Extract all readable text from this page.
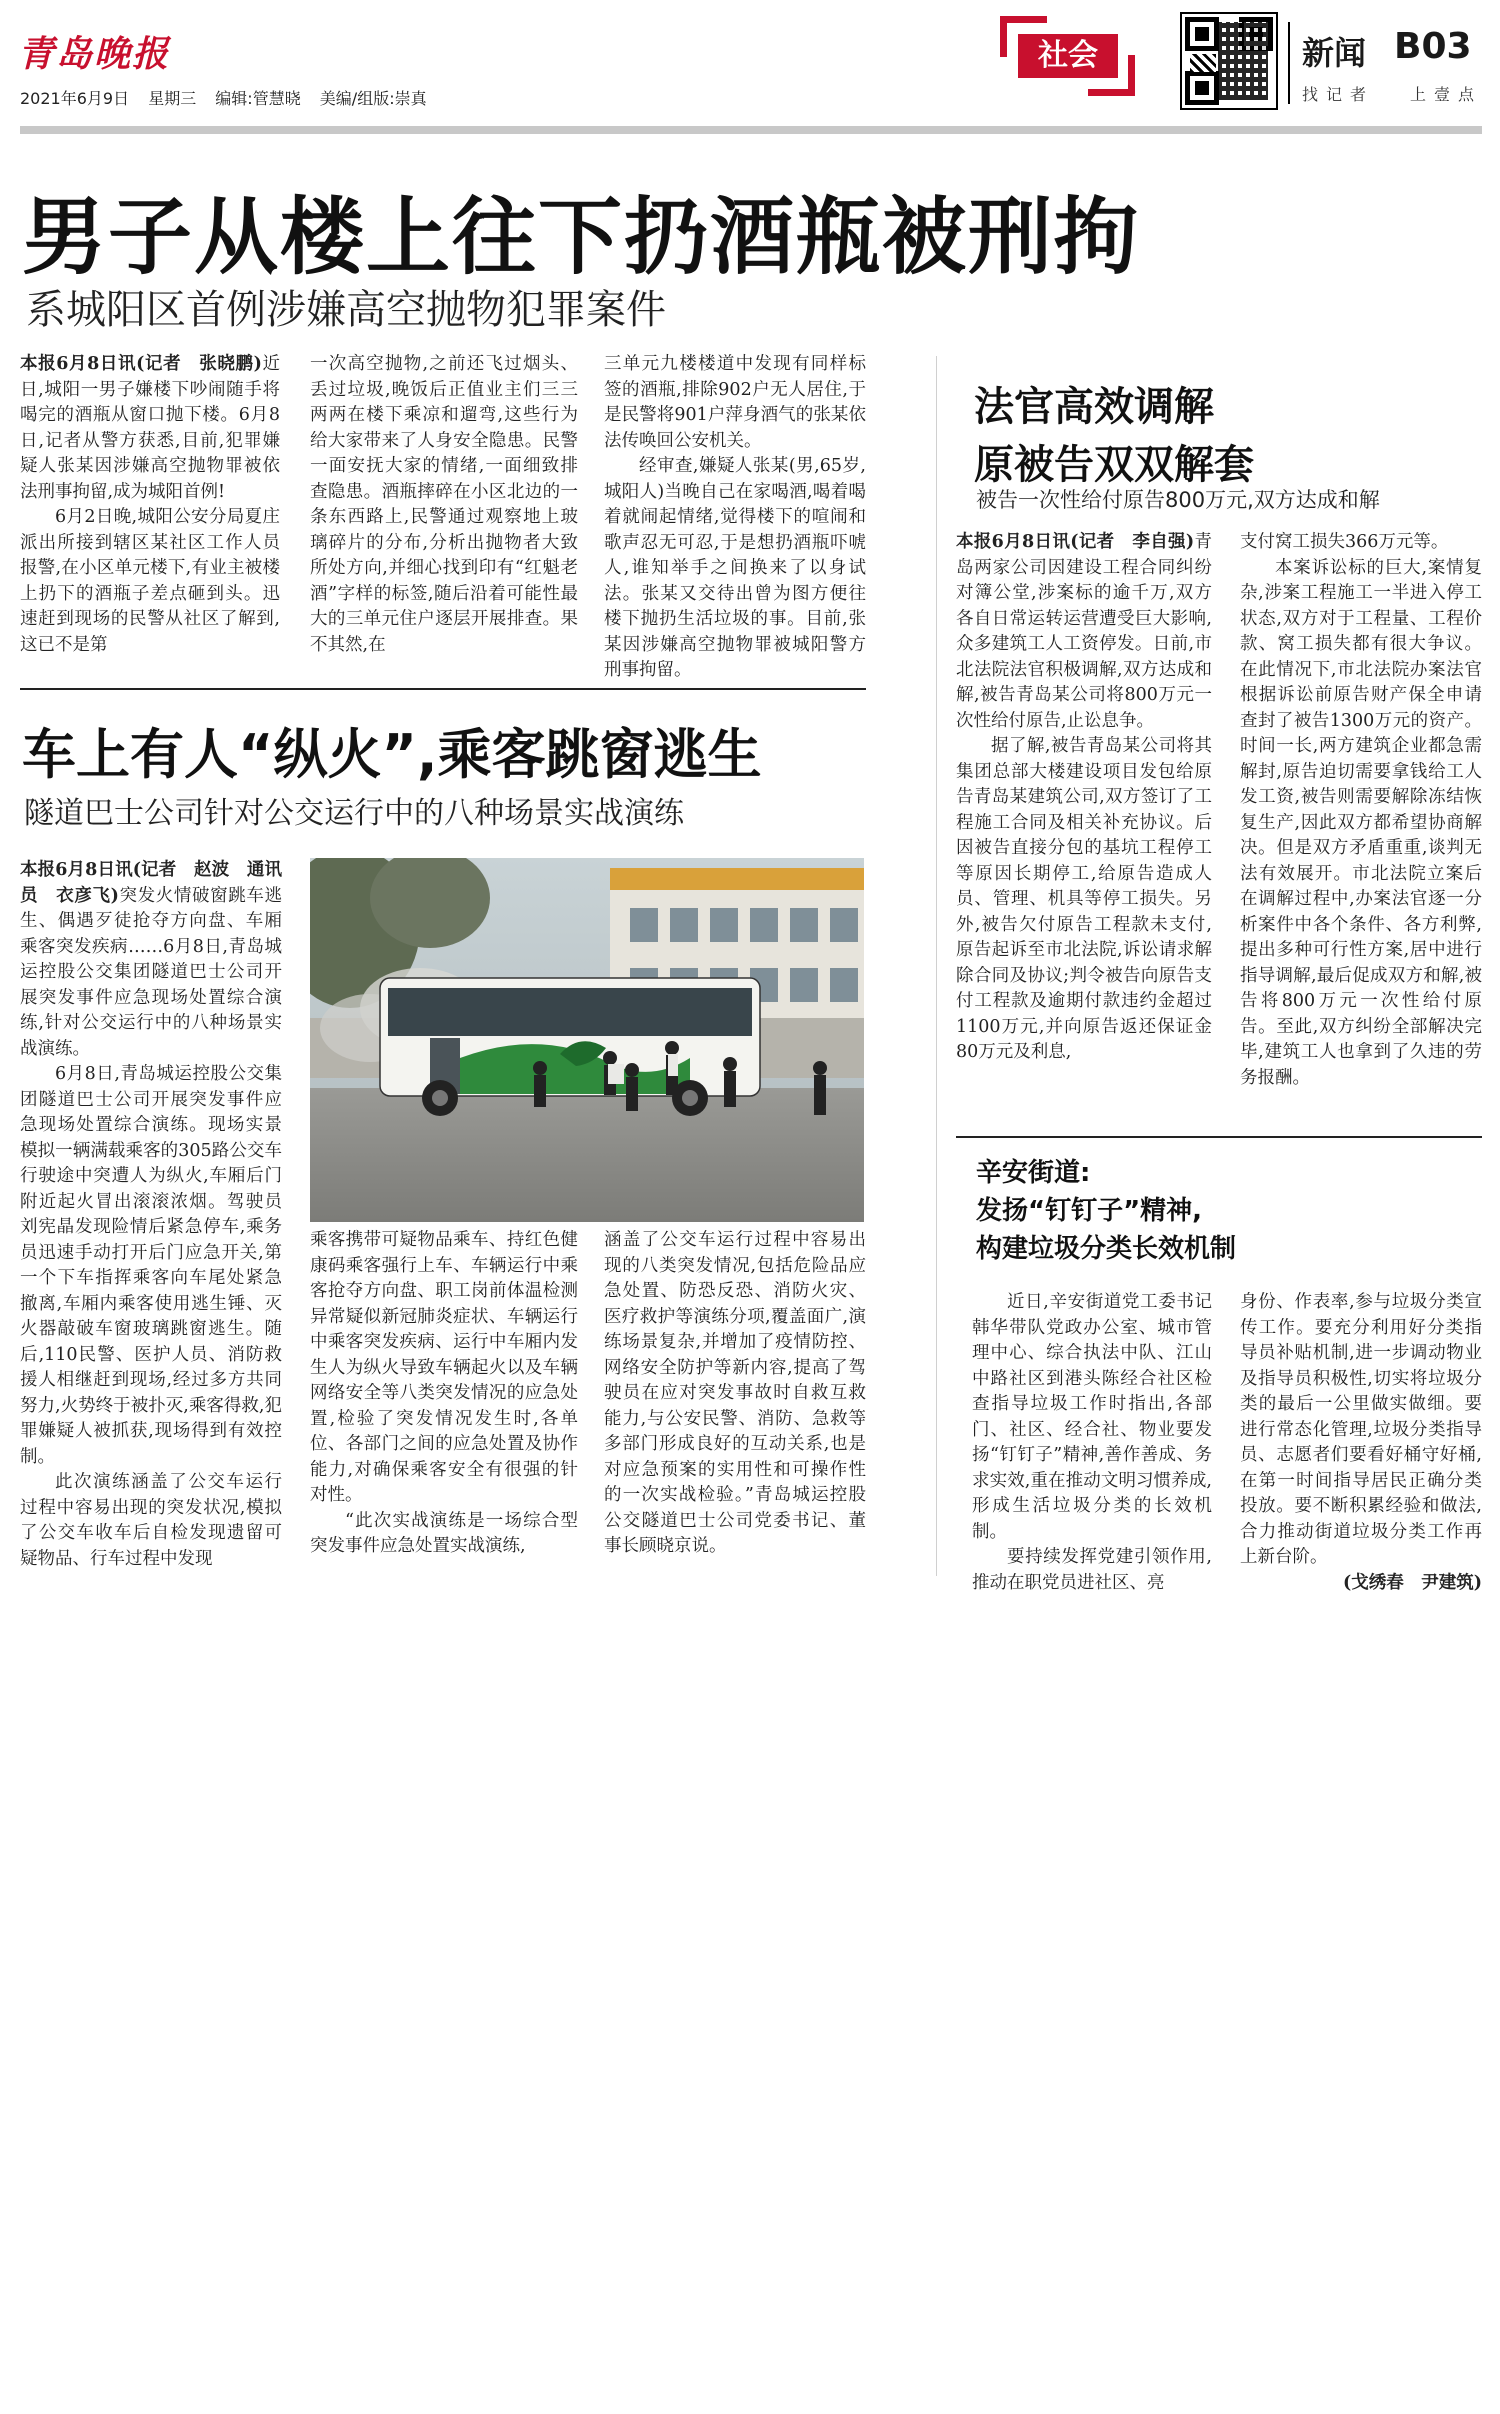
青岛晚报
2021年6月9日 星期三 编辑:管慧晓 美编/组版:崇真
社会	新闻 B03
找记者 上壹点
男子从楼上往下扔酒瓶被刑拘
系城阳区首例涉嫌高空抛物犯罪案件

本报6月8日讯(记者　张晓鹏)近日,城阳一男子嫌楼下吵闹随手将喝完的酒瓶从窗口抛下楼。6月8日,记者从警方获悉,目前,犯罪嫌疑人张某因涉嫌高空抛物罪被依法刑事拘留,成为城阳首例!

6月2日晚,城阳公安分局夏庄派出所接到辖区某社区工作人员报警,在小区单元楼下,有业主被楼上扔下的酒瓶子差点砸到头。迅速赶到现场的民警从社区了解到,这已不是第

一次高空抛物,之前还飞过烟头、丢过垃圾,晚饭后正值业主们三三两两在楼下乘凉和遛弯,这些行为给大家带来了人身安全隐患。民警一面安抚大家的情绪,一面细致排查隐患。酒瓶摔碎在小区北边的一条东西路上,民警通过观察地上玻璃碎片的分布,分析出抛物者大致所处方向,并细心找到印有“红魁老酒”字样的标签,随后沿着可能性最大的三单元住户逐层开展排查。果不其然,在

三单元九楼楼道中发现有同样标签的酒瓶,排除902户无人居住,于是民警将901户萍身酒气的张某依法传唤回公安机关。

经审查,嫌疑人张某(男,65岁,城阳人)当晚自己在家喝酒,喝着喝着就闹起情绪,觉得楼下的喧闹和歌声忍无可忍,于是想扔酒瓶吓唬人,谁知举手之间换来了以身试法。张某又交待出曾为图方便往楼下抛扔生活垃圾的事。目前,张某因涉嫌高空抛物罪被城阳警方刑事拘留。

法官高效调解
原被告双双解套
被告一次性给付原告800万元,双方达成和解

本报6月8日讯(记者　李自强)青岛两家公司因建设工程合同纠纷对簿公堂,涉案标的逾千万,双方各自日常运转运营遭受巨大影响,众多建筑工人工资停发。日前,市北法院法官积极调解,双方达成和解,被告青岛某公司将800万元一次性给付原告,止讼息争。

据了解,被告青岛某公司将其集团总部大楼建设项目发包给原告青岛某建筑公司,双方签订了工程施工合同及相关补充协议。后因被告直接分包的基坑工程停工等原因长期停工,给原告造成人员、管理、机具等停工损失。另外,被告欠付原告工程款未支付,原告起诉至市北法院,诉讼请求解除合同及协议;判令被告向原告支付工程款及逾期付款违约金超过1100万元,并向原告返还保证金80万元及利息,

支付窝工损失366万元等。

本案诉讼标的巨大,案情复杂,涉案工程施工一半进入停工状态,双方对于工程量、工程价款、窝工损失都有很大争议。在此情况下,市北法院办案法官根据诉讼前原告财产保全申请查封了被告1300万元的资产。时间一长,两方建筑企业都急需解封,原告迫切需要拿钱给工人发工资,被告则需要解除冻结恢复生产,因此双方都希望协商解决。但是双方矛盾重重,谈判无法有效展开。市北法院立案后在调解过程中,办案法官逐一分析案件中各个条件、各方利弊,提出多种可行性方案,居中进行指导调解,最后促成双方和解,被告将800万元一次性给付原告。至此,双方纠纷全部解决完毕,建筑工人也拿到了久违的劳务报酬。

辛安街道:
发扬“钉钉子”精神,
构建垃圾分类长效机制

近日,辛安街道党工委书记韩华带队党政办公室、城市管理中心、综合执法中队、江山中路社区到港头陈经合社区检查指导垃圾工作时指出,各部门、社区、经合社、物业要发扬“钉钉子”精神,善作善成、务求实效,重在推动文明习惯养成,形成生活垃圾分类的长效机制。

要持续发挥党建引领作用,推动在职党员进社区、亮

身份、作表率,参与垃圾分类宣传工作。要充分利用好分类指导员补贴机制,进一步调动物业及指导员积极性,切实将垃圾分类的最后一公里做实做细。要进行常态化管理,垃圾分类指导员、志愿者们要看好桶守好桶,在第一时间指导居民正确分类投放。要不断积累经验和做法,合力推动街道垃圾分类工作再上新台阶。

(戈绣春　尹建筑)
车上有人“纵火”,乘客跳窗逃生
隧道巴士公司针对公交运行中的八种场景实战演练

本报6月8日讯(记者　赵波　通讯员　衣彦飞)突发火情破窗跳车逃生、偶遇歹徒抢夺方向盘、车厢乘客突发疾病……6月8日,青岛城运控股公交集团隧道巴士公司开展突发事件应急现场处置综合演练,针对公交运行中的八种场景实战演练。

6月8日,青岛城运控股公交集团隧道巴士公司开展突发事件应急现场处置综合演练。现场实景模拟一辆满载乘客的305路公交车行驶途中突遭人为纵火,车厢后门附近起火冒出滚滚浓烟。驾驶员刘宪晶发现险情后紧急停车,乘务员迅速手动打开后门应急开关,第一个下车指挥乘客向车尾处紧急撤离,车厢内乘客使用逃生锤、灭火器敲破车窗玻璃跳窗逃生。随后,110民警、医护人员、消防救援人相继赶到现场,经过多方共同努力,火势终于被扑灭,乘客得救,犯罪嫌疑人被抓获,现场得到有效控制。

此次演练涵盖了公交车运行过程中容易出现的突发状况,模拟了公交车收车后自检发现遗留可疑物品、行车过程中发现

乘客携带可疑物品乘车、持红色健康码乘客强行上车、车辆运行中乘客抢夺方向盘、职工岗前体温检测异常疑似新冠肺炎症状、车辆运行中乘客突发疾病、运行中车厢内发生人为纵火导致车辆起火以及车辆网络安全等八类突发情况的应急处置,检验了突发情况发生时,各单位、各部门之间的应急处置及协作能力,对确保乘客安全有很强的针对性。

“此次实战演练是一场综合型突发事件应急处置实战演练,

涵盖了公交车运行过程中容易出现的八类突发情况,包括危险品应急处置、防恐反恐、消防火灾、医疗救护等演练分项,覆盖面广,演练场景复杂,并增加了疫情防控、网络安全防护等新内容,提高了驾驶员在应对突发事故时自救互救能力,与公安民警、消防、急救等多部门形成良好的互动关系,也是对应急预案的实用性和可操作性的一次实战检验。”青岛城运控股公交隧道巴士公司党委书记、董事长顾晓京说。
